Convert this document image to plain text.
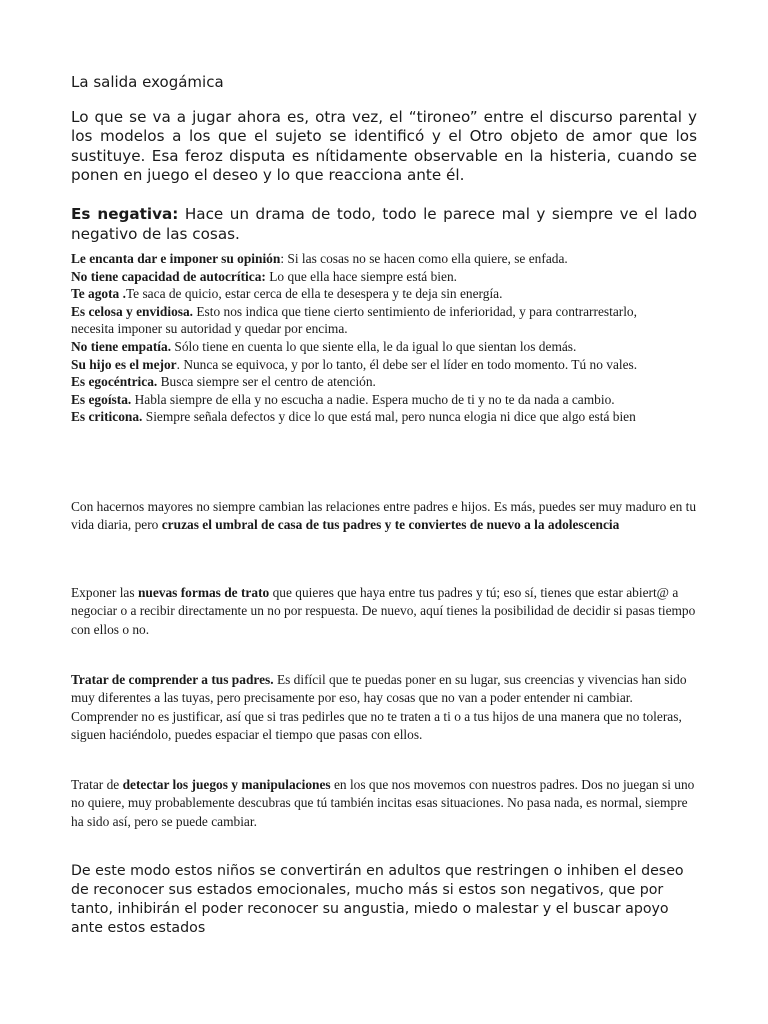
La salida exogámica

Lo que se va a jugar ahora es, otra vez, el “tironeo” entre el discurso parental y los modelos a los que el sujeto se identificó y el Otro objeto de amor que los sustituye. Esa feroz disputa es nítidamente observable en la histeria, cuando se ponen en juego el deseo y lo que reacciona ante él.

Es negativa: Hace un drama de todo, todo le parece mal y siempre ve el lado negativo de las cosas.

Le encanta dar e imponer su opinión: Si las cosas no se hacen como ella quiere, se enfada.

No tiene capacidad de autocrítica: Lo que ella hace siempre está bien.

Te agota .Te saca de quicio, estar cerca de ella te desespera y te deja sin energía.

Es celosa y envidiosa. Esto nos indica que tiene cierto sentimiento de inferioridad, y para contrarrestarlo, necesita imponer su autoridad y quedar por encima.

No tiene empatía. Sólo tiene en cuenta lo que siente ella, le da igual lo que sientan los demás.

Su hijo es el mejor. Nunca se equivoca, y por lo tanto, él debe ser el líder en todo momento. Tú no vales.

Es egocéntrica. Busca siempre ser el centro de atención.

Es egoísta. Habla siempre de ella y no escucha a nadie. Espera mucho de ti y no te da nada a cambio.

Es criticona. Siempre señala defectos y dice lo que está mal, pero nunca elogia ni dice que algo está bien

Con hacernos mayores no siempre cambian las relaciones entre padres e hijos. Es más, puedes ser muy maduro en tu vida diaria, pero cruzas el umbral de casa de tus padres y te conviertes de nuevo a la adolescencia

Exponer las nuevas formas de trato que quieres que haya entre tus padres y tú; eso sí, tienes que estar abiert@ a negociar o a recibir directamente un no por respuesta. De nuevo, aquí tienes la posibilidad de decidir si pasas tiempo con ellos o no.

Tratar de comprender a tus padres. Es difícil que te puedas poner en su lugar, sus creencias y vivencias han sido muy diferentes a las tuyas, pero precisamente por eso, hay cosas que no van a poder entender ni cambiar. Comprender no es justificar, así que si tras pedirles que no te traten a ti o a tus hijos de una manera que no toleras, siguen haciéndolo, puedes espaciar el tiempo que pasas con ellos.

Tratar de detectar los juegos y manipulaciones en los que nos movemos con nuestros padres. Dos no juegan si uno no quiere, muy probablemente descubras que tú también incitas esas situaciones. No pasa nada, es normal, siempre ha sido así, pero se puede cambiar.

De este modo estos niños se convertirán en adultos que restringen o inhiben el deseo de reconocer sus estados emocionales, mucho más si estos son negativos, que por tanto, inhibirán el poder reconocer su angustia, miedo o malestar y el buscar apoyo ante estos estados
